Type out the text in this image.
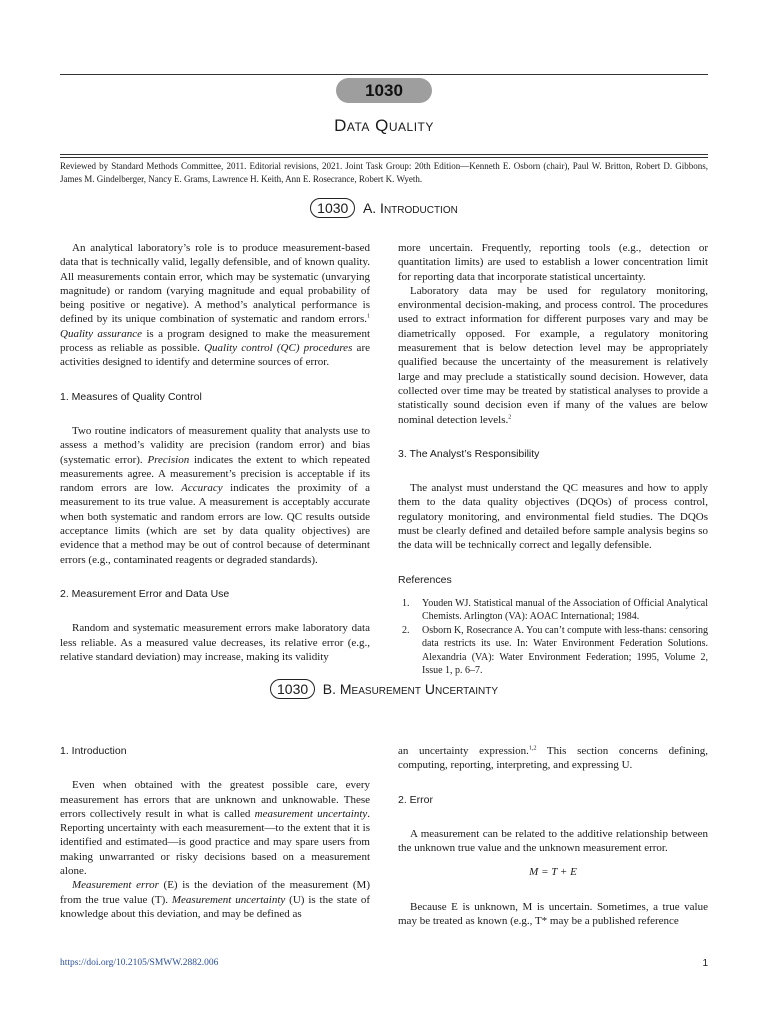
1030
Data Quality
Reviewed by Standard Methods Committee, 2011. Editorial revisions, 2021. Joint Task Group: 20th Edition—Kenneth E. Osborn (chair), Paul W. Britton, Robert D. Gibbons, James M. Gindelberger, Nancy E. Grams, Lawrence H. Keith, Ann E. Rosecrance, Robert K. Wyeth.
1030 A. Introduction

An analytical laboratory’s role is to produce measurement-based data that is technically valid, legally defensible, and of known quality. All measurements contain error, which may be systematic (unvarying magnitude) or random (varying magnitude and equal probability of being positive or negative). A method’s analytical performance is defined by its unique combination of systematic and random errors.$^1$ Quality assurance is a program designed to make the measurement process as reliable as possible. Quality control (QC) procedures are activities designed to identify and determine sources of error.

1. Measures of Quality Control

Two routine indicators of measurement quality that analysts use to assess a method’s validity are precision (random error) and bias (systematic error). Precision indicates the extent to which repeated measurements agree. A measurement’s precision is acceptable if its random errors are low. Accuracy indicates the proximity of a measurement to its true value. A measurement is acceptably accurate when both systematic and random errors are low. QC results outside acceptance limits (which are set by data quality objectives) are evidence that a method may be out of control because of determinant errors (e.g., contaminated reagents or degraded standards).

2. Measurement Error and Data Use

Random and systematic measurement errors make laboratory data less reliable. As a measured value decreases, its relative error (e.g., relative standard deviation) may increase, making its validity

more uncertain. Frequently, reporting tools (e.g., detection or quantitation limits) are used to establish a lower concentration limit for reporting data that incorporate statistical uncertainty.

Laboratory data may be used for regulatory monitoring, environmental decision-making, and process control. The procedures used to extract information for different purposes vary and may be diametrically opposed. For example, a regulatory monitoring measurement that is below detection level may be appropriately qualified because the uncertainty of the measurement is relatively large and may preclude a statistically sound decision. However, data collected over time may be treated by statistical analyses to provide a statistically sound decision even if many of the values are below nominal detection levels.$^2$

3. The Analyst’s Responsibility

The analyst must understand the QC measures and how to apply them to the data quality objectives (DQOs) of process control, regulatory monitoring, and environmental field studies. The DQOs must be clearly defined and detailed before sample analysis begins so the data will be technically correct and legally defensible.

References
1. Youden WJ. Statistical manual of the Association of Official Analytical Chemists. Arlington (VA): AOAC International; 1984.
2. Osborn K, Rosecrance A. You can’t compute with less-thans: censoring data restricts its use. In: Water Environment Federation Solutions. Alexandria (VA): Water Environment Federation; 1995, Volume 2, Issue 1, p. 6–7.
1030 B. Measurement Uncertainty
1. Introduction

Even when obtained with the greatest possible care, every measurement has errors that are unknown and unknowable. These errors collectively result in what is called measurement uncertainty. Reporting uncertainty with each measurement—to the extent that it is identified and estimated—is good practice and may spare users from making unwarranted or risky decisions based on a measurement alone.

Measurement error (E) is the deviation of the measurement (M) from the true value (T). Measurement uncertainty (U) is the state of knowledge about this deviation, and may be defined as

an uncertainty expression.$^{1,2}$ This section concerns defining, computing, reporting, interpreting, and expressing U.

2. Error

A measurement can be related to the additive relationship between the unknown true value and the unknown measurement error.

M = T + E

Because E is unknown, M is uncertain. Sometimes, a true value may be treated as known (e.g., T* may be a published reference

https://doi.org/10.2105/SMWW.2882.006	1
